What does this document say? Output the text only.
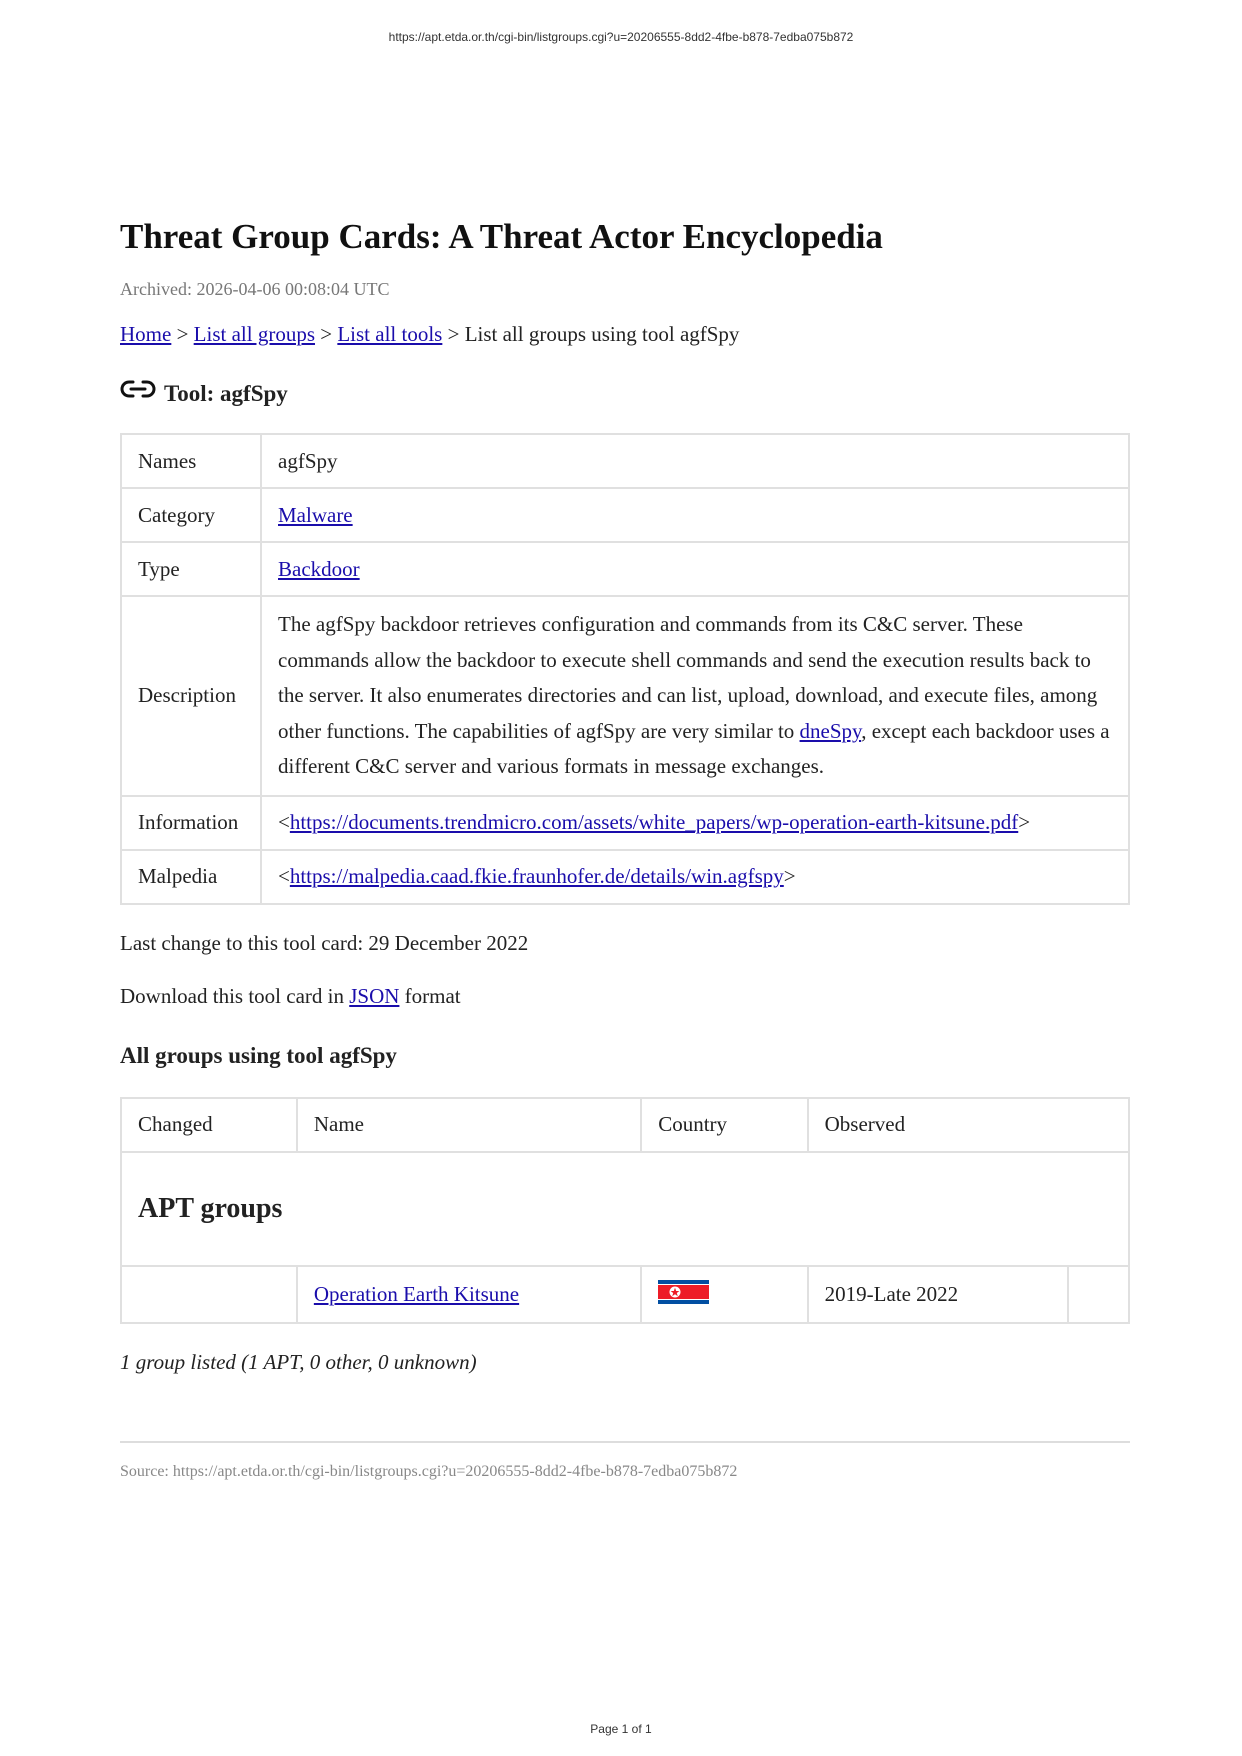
https://apt.etda.or.th/cgi-bin/listgroups.cgi?u=20206555-8dd2-4fbe-b878-7edba075b872
Threat Group Cards: A Threat Actor Encyclopedia
Archived: 2026-04-06 00:08:04 UTC
Home > List all groups > List all tools > List all groups using tool agfSpy
Tool: agfSpy
Names	agfSpy
Category	Malware
Type	Backdoor
Description	The agfSpy backdoor retrieves configuration and commands from its C&C server. These commands allow the backdoor to execute shell commands and send the execution results back to the server. It also enumerates directories and can list, upload, download, and execute files, among other functions. The capabilities of agfSpy are very similar to dneSpy, except each backdoor uses a different C&C server and various formats in message exchanges.
Information	<https://documents.trendmicro.com/assets/white_papers/wp-operation-earth-kitsune.pdf>
Malpedia	<https://malpedia.caad.fkie.fraunhofer.de/details/win.agfspy>
Last change to this tool card: 29 December 2022
Download this tool card in JSON format
All groups using tool agfSpy
Changed	Name	Country	Observed	
APT groups				
	Operation Earth Kitsune		2019-Late 2022	
1 group listed (1 APT, 0 other, 0 unknown)
Source: https://apt.etda.or.th/cgi-bin/listgroups.cgi?u=20206555-8dd2-4fbe-b878-7edba075b872
Page 1 of 1
